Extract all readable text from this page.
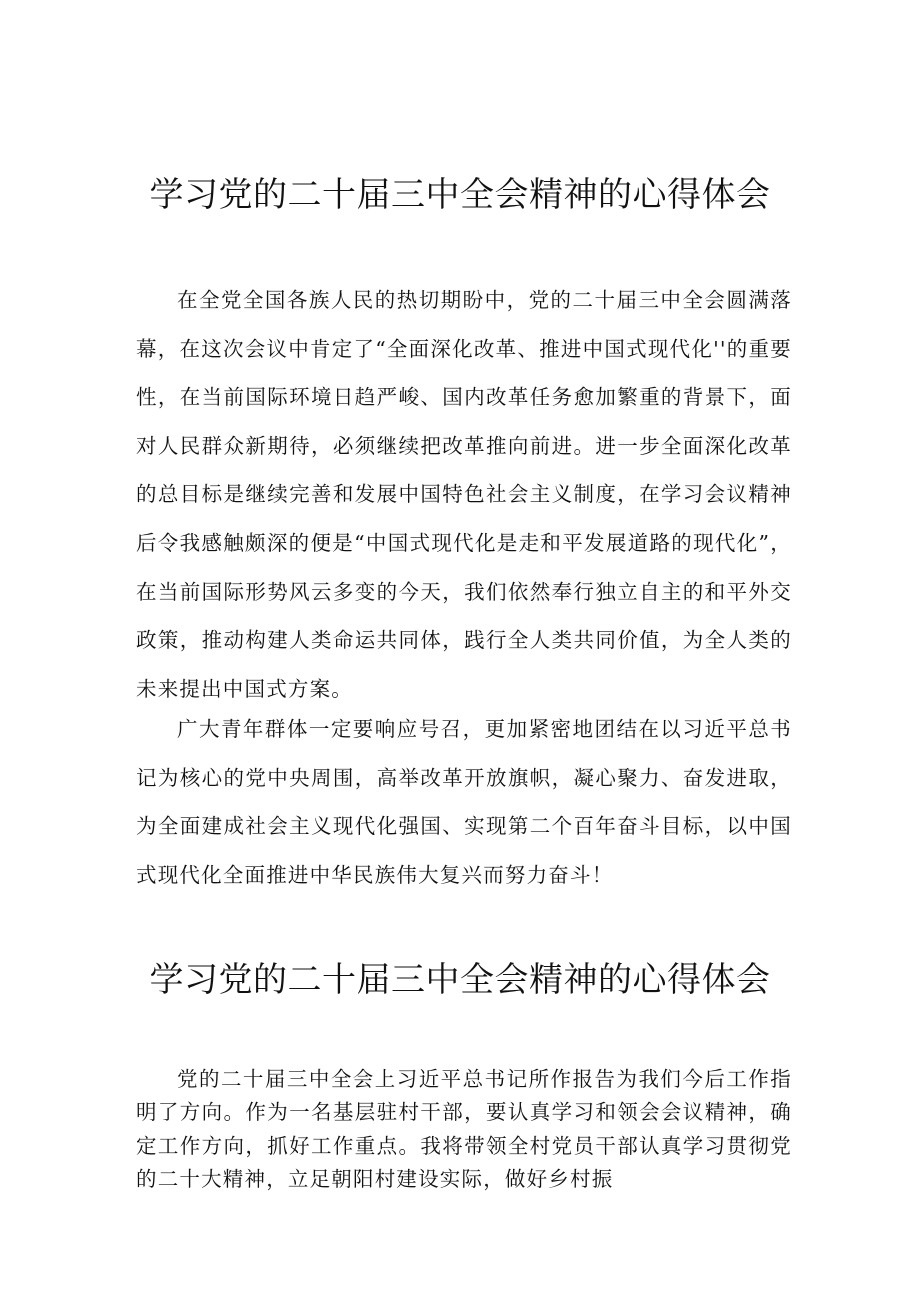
学习党的二十届三中全会精神的心得体会

在全党全国各族人民的热切期盼中，党的二十届三中全会圆满落幕，在这次会议中肯定了“全面深化改革、推进中国式现代化''的重要性，在当前国际环境日趋严峻、国内改革任务愈加繁重的背景下，面对人民群众新期待，必须继续把改革推向前进。进一步全面深化改革的总目标是继续完善和发展中国特色社会主义制度，在学习会议精神后令我感触颇深的便是“中国式现代化是走和平发展道路的现代化”，在当前国际形势风云多变的今天，我们依然奉行独立自主的和平外交政策，推动构建人类命运共同体，践行全人类共同价值，为全人类的未来提出中国式方案。

广大青年群体一定要响应号召，更加紧密地团结在以习近平总书记为核心的党中央周围，高举改革开放旗帜，凝心聚力、奋发进取，为全面建成社会主义现代化强国、实现第二个百年奋斗目标，以中国式现代化全面推进中华民族伟大复兴而努力奋斗！

学习党的二十届三中全会精神的心得体会

党的二十届三中全会上习近平总书记所作报告为我们今后工作指明了方向。作为一名基层驻村干部，要认真学习和领会会议精神，确定工作方向，抓好工作重点。我将带领全村党员干部认真学习贯彻党的二十大精神，立足朝阳村建设实际，做好乡村振
